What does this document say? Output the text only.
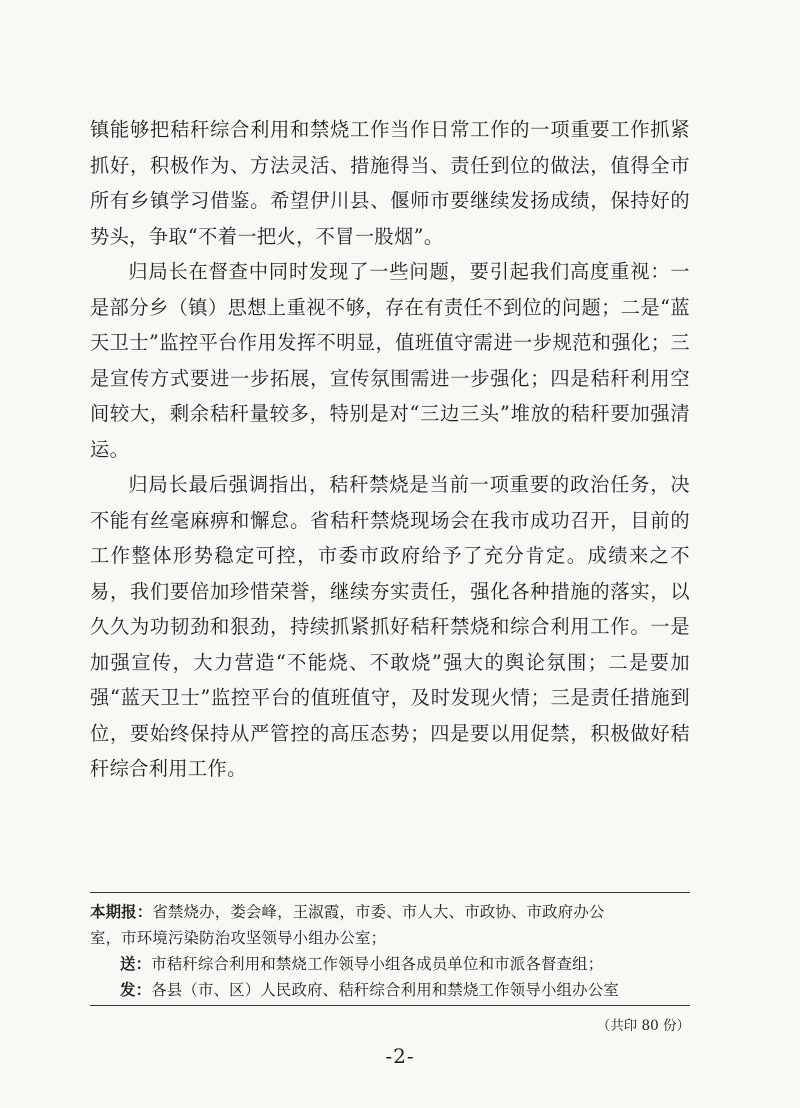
镇能够把秸秆综合利用和禁烧工作当作日常工作的一项重要工作抓紧抓好，积极作为、方法灵活、措施得当、责任到位的做法，值得全市所有乡镇学习借鉴。希望伊川县、偃师市要继续发扬成绩，保持好的势头，争取“不着一把火，不冒一股烟”。

归局长在督查中同时发现了一些问题，要引起我们高度重视：一是部分乡（镇）思想上重视不够，存在有责任不到位的问题；二是“蓝天卫士”监控平台作用发挥不明显，值班值守需进一步规范和强化；三是宣传方式要进一步拓展，宣传氛围需进一步强化；四是秸秆利用空间较大，剩余秸秆量较多，特别是对“三边三头”堆放的秸秆要加强清运。

归局长最后强调指出，秸秆禁烧是当前一项重要的政治任务，决不能有丝毫麻痹和懈怠。省秸秆禁烧现场会在我市成功召开，目前的工作整体形势稳定可控，市委市政府给予了充分肯定。成绩来之不易，我们要倍加珍惜荣誉，继续夯实责任，强化各种措施的落实，以久久为功韧劲和狠劲，持续抓紧抓好秸秆禁烧和综合利用工作。一是加强宣传，大力营造“不能烧、不敢烧”强大的舆论氛围；二是要加强“蓝天卫士”监控平台的值班值守，及时发现火情；三是责任措施到位，要始终保持从严管控的高压态势；四是要以用促禁，积极做好秸秆综合利用工作。

本期报：省禁烧办，娄会峰，王淑霞，市委、市人大、市政协、市政府办公
室，市环境污染防治攻坚领导小组办公室；
送：市秸秆综合利用和禁烧工作领导小组各成员单位和市派各督查组；
发：各县（市、区）人民政府、秸秆综合利用和禁烧工作领导小组办公室
（共印 80 份）
-2-
